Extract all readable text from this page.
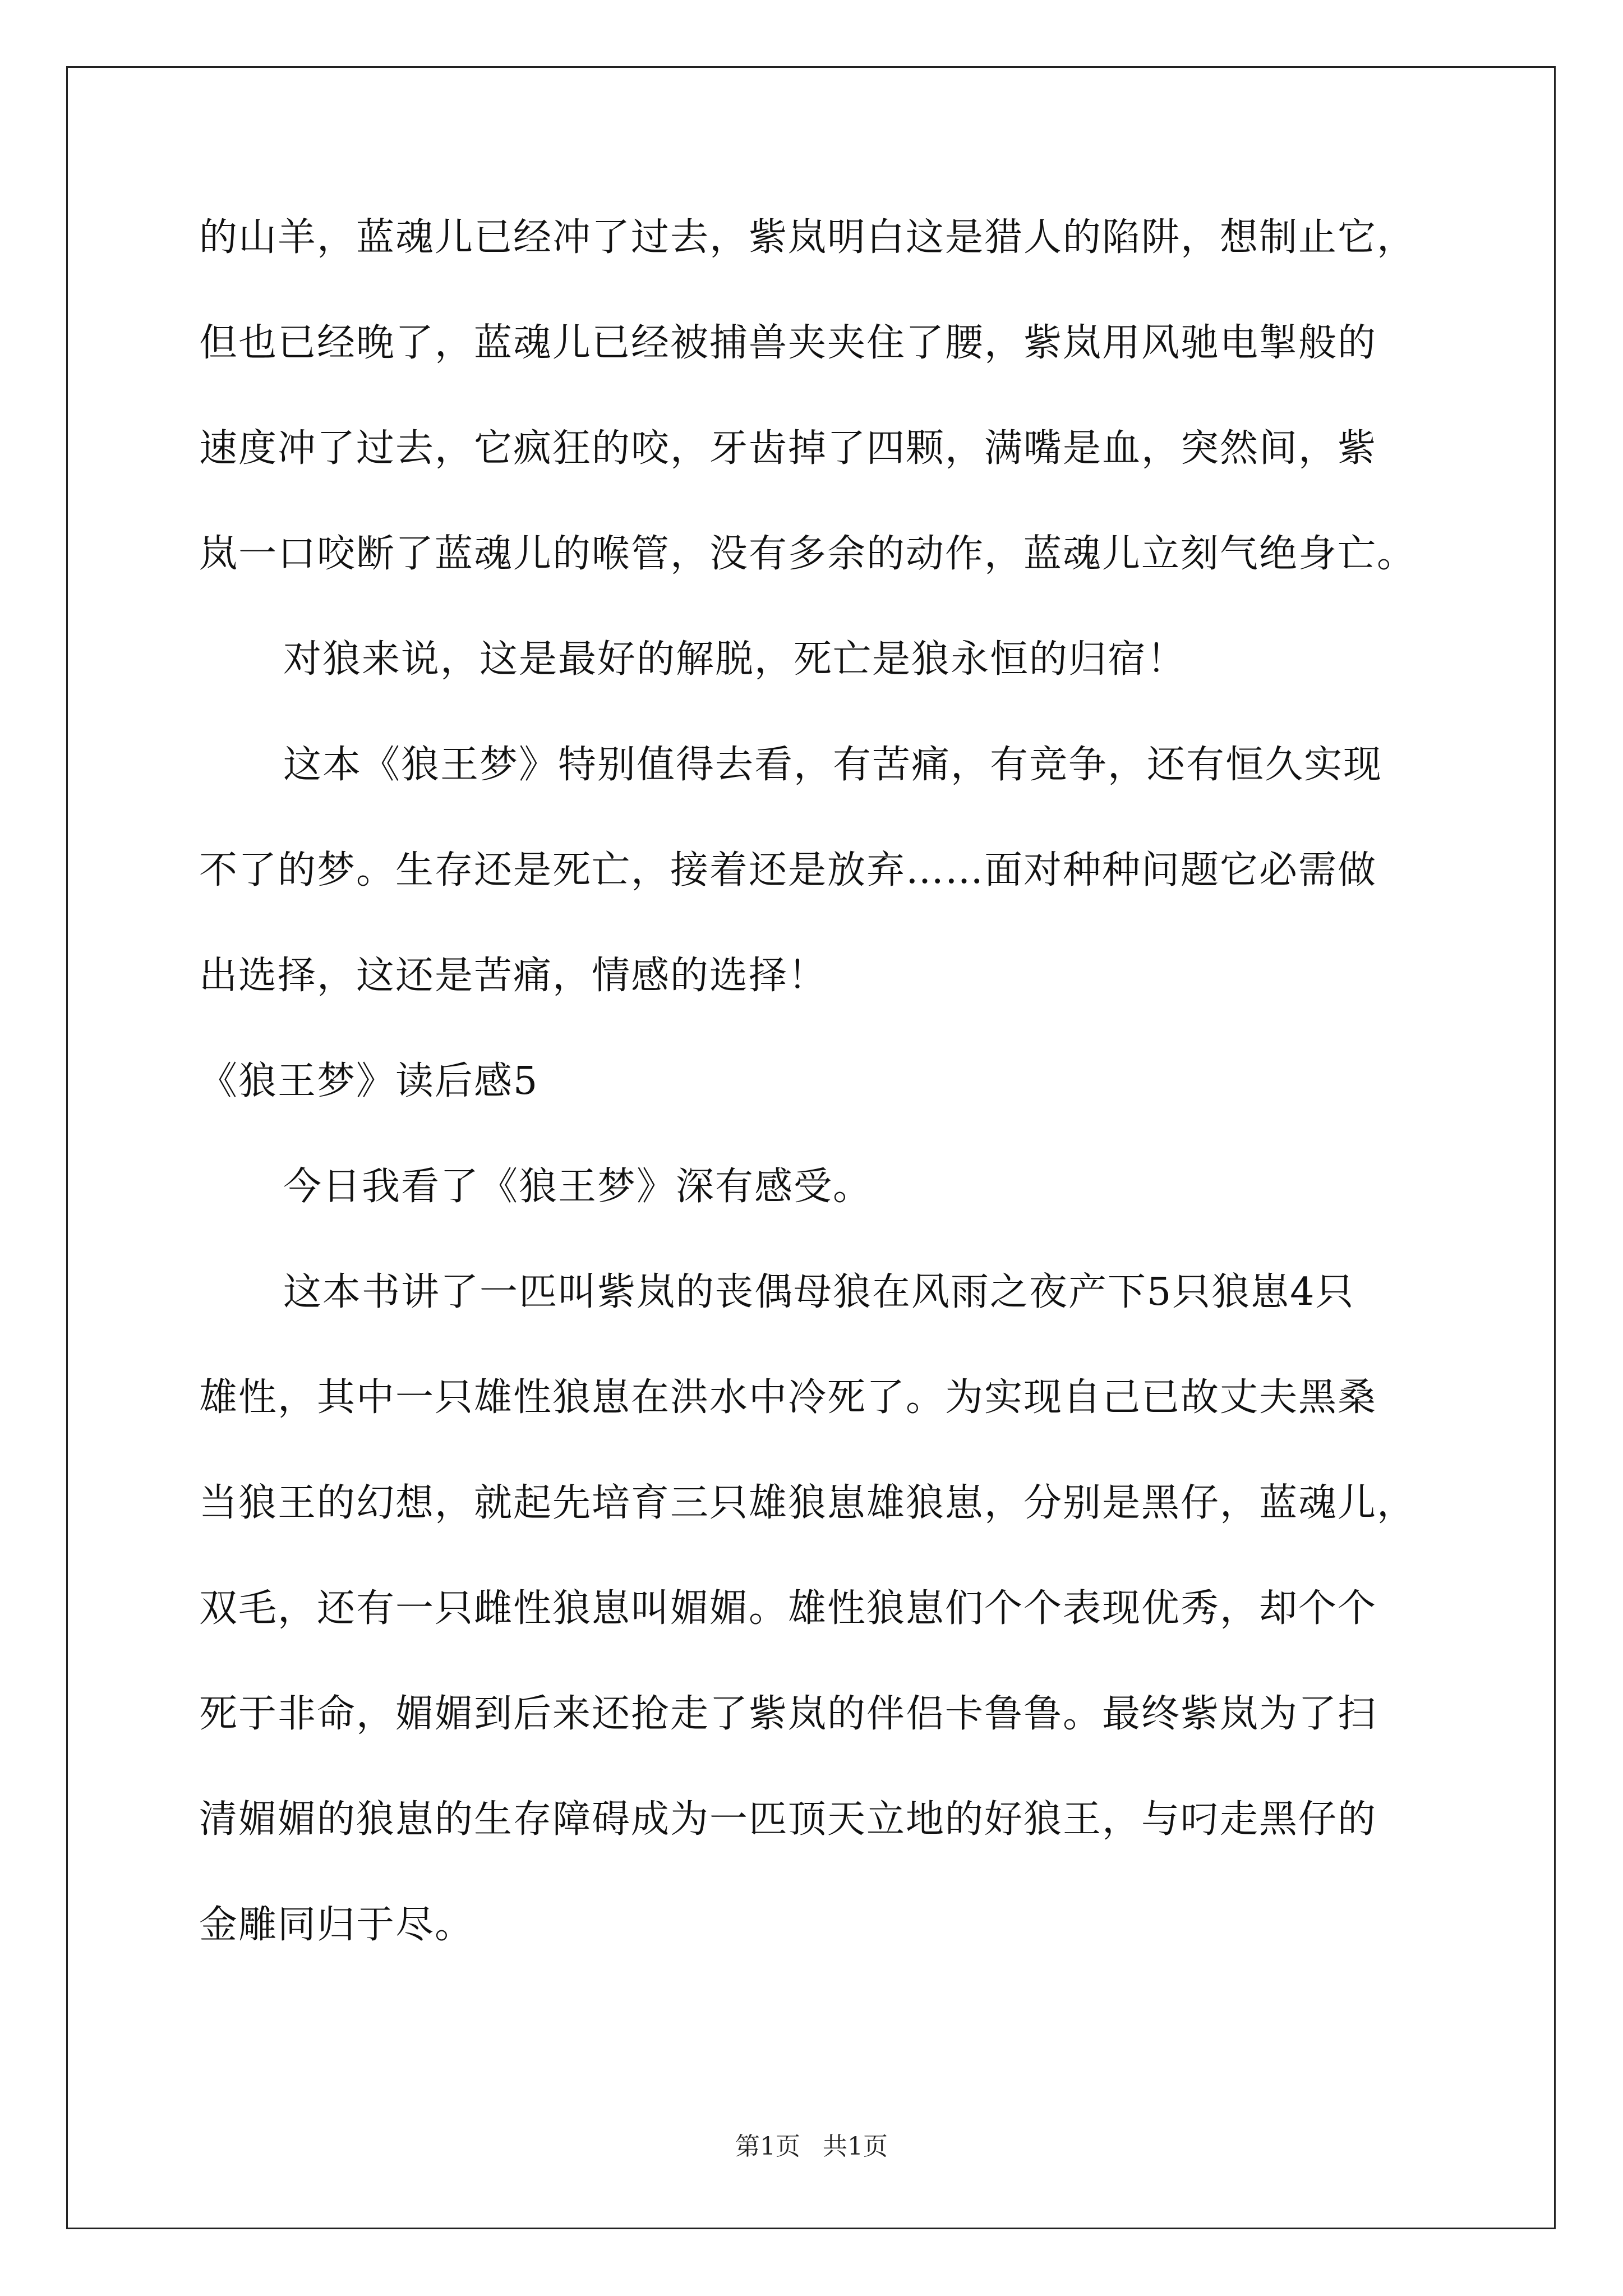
的山羊，蓝魂儿已经冲了过去，紫岚明白这是猎人的陷阱，想制止它，
但也已经晚了，蓝魂儿已经被捕兽夹夹住了腰，紫岚用风驰电掣般的
速度冲了过去，它疯狂的咬，牙齿掉了四颗，满嘴是血，突然间，紫
岚一口咬断了蓝魂儿的喉管，没有多余的动作，蓝魂儿立刻气绝身亡。
对狼来说，这是最好的解脱，死亡是狼永恒的归宿！
这本《狼王梦》特别值得去看，有苦痛，有竞争，还有恒久实现
不了的梦。生存还是死亡，接着还是放弃……面对种种问题它必需做
出选择，这还是苦痛，情感的选择！
《狼王梦》读后感5
今日我看了《狼王梦》深有感受。
这本书讲了一匹叫紫岚的丧偶母狼在风雨之夜产下5只狼崽4只
雄性，其中一只雄性狼崽在洪水中冷死了。为实现自己已故丈夫黑桑
当狼王的幻想，就起先培育三只雄狼崽雄狼崽，分别是黑仔，蓝魂儿，
双毛，还有一只雌性狼崽叫媚媚。雄性狼崽们个个表现优秀，却个个
死于非命，媚媚到后来还抢走了紫岚的伴侣卡鲁鲁。最终紫岚为了扫
清媚媚的狼崽的生存障碍成为一匹顶天立地的好狼王，与叼走黑仔的
金雕同归于尽。
第1页 共1页
